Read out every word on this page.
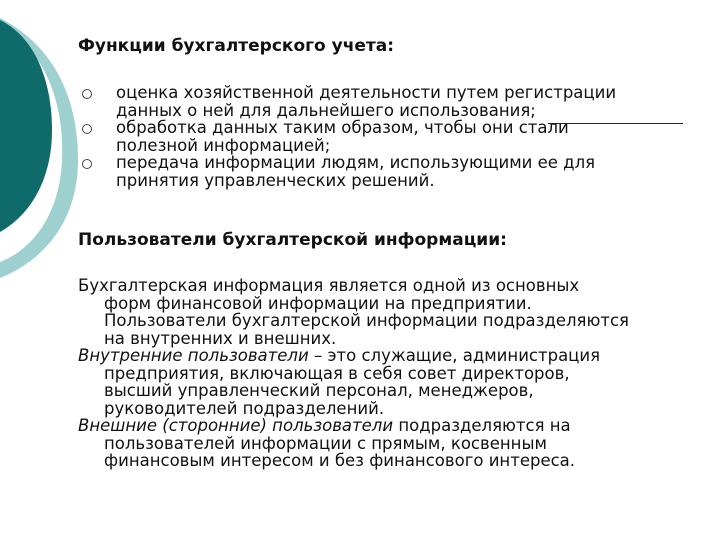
Функции бухгалтерского учета:
оценка хозяйственной деятельности путем регистрации
данных о ней для дальнейшего использования;
обработка данных таким образом, чтобы они стали
полезной информацией;
передача информации людям, использующими ее для
принятия управленческих решений.
Пользователи бухгалтерской информации:

Бухгалтерская информация является одной из основных
форм финансовой информации на предприятии.
Пользователи бухгалтерской информации подразделяются
на внутренних и внешних.

Внутренние пользователи – это служащие, администрация
предприятия, включающая в себя совет директоров,
высший управленческий персонал, менеджеров,
руководителей подразделений.

Внешние (сторонние) пользователи подразделяются на
пользователей информации с прямым, косвенным
финансовым интересом и без финансового интереса.
